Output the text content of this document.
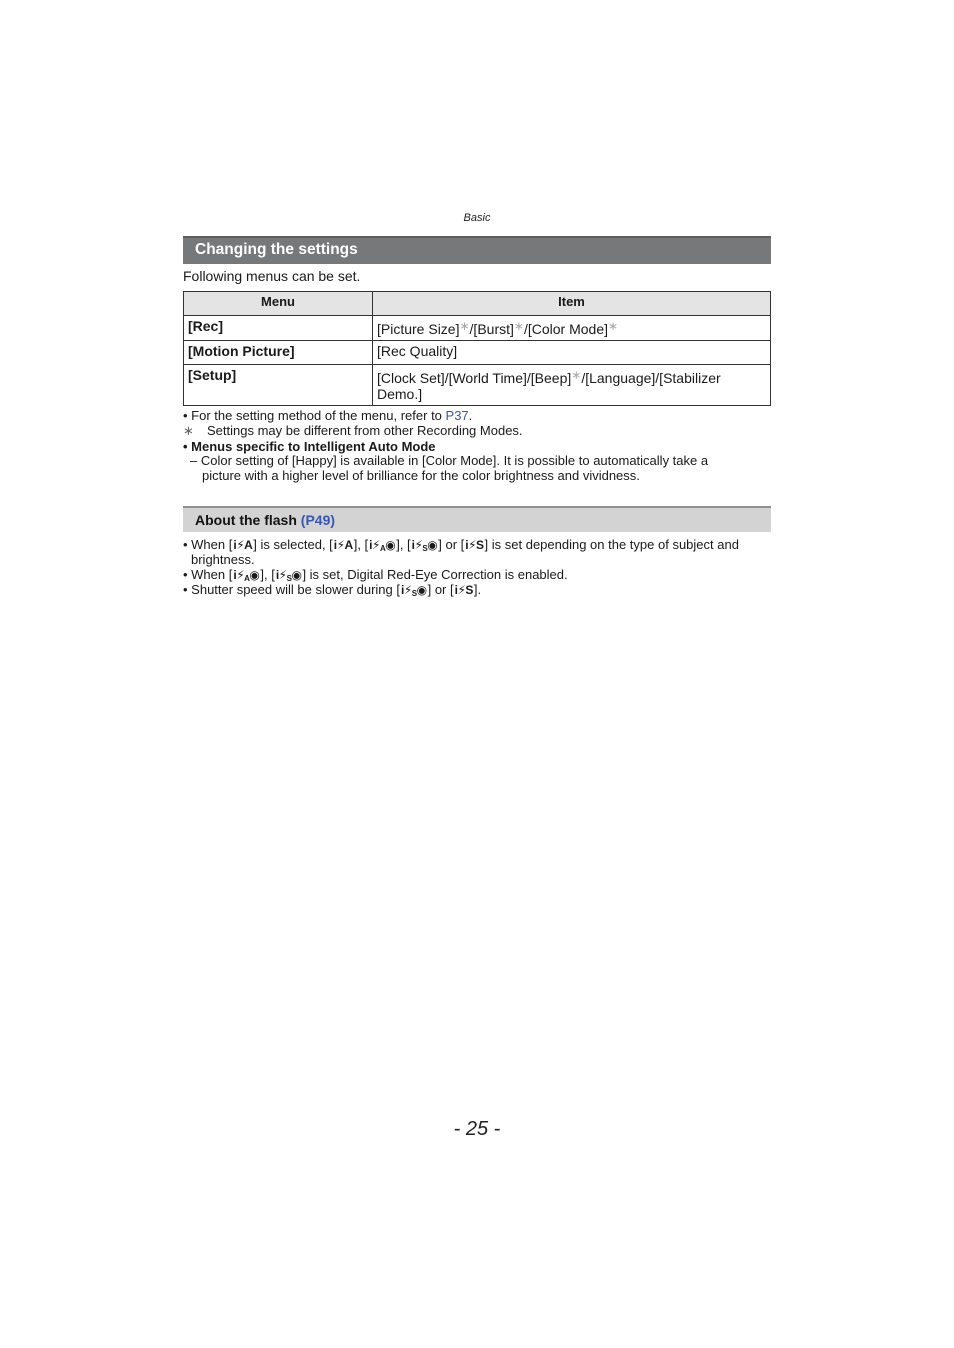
Basic
Changing the settings
Following menus can be set.
Menu	Item
[Rec]	[Picture Size]∗/[Burst]∗/[Color Mode]∗
[Motion Picture]	[Rec Quality]
[Setup]	[Clock Set]/[World Time]/[Beep]∗/[Language]/[Stabilizer
Demo.]
• For the setting method of the menu, refer to P37.
∗ Settings may be different from other Recording Modes.
• Menus specific to Intelligent Auto Mode
– Color setting of [Happy] is available in [Color Mode]. It is possible to automatically take a
picture with a higher level of brilliance for the color brightness and vividness.
About the flash (P49)
• When [i⚡A] is selected, [i⚡A], $[i⚡_A◉]$, $[i⚡_S◉]$ or [i⚡S] is set depending on the type of subject and
brightness.
• When $[i⚡_A◉]$, $[i⚡_S◉]$ is set, Digital Red-Eye Correction is enabled.
• Shutter speed will be slower during $[i⚡_S◉]$ or [i⚡S].
- 25 -
